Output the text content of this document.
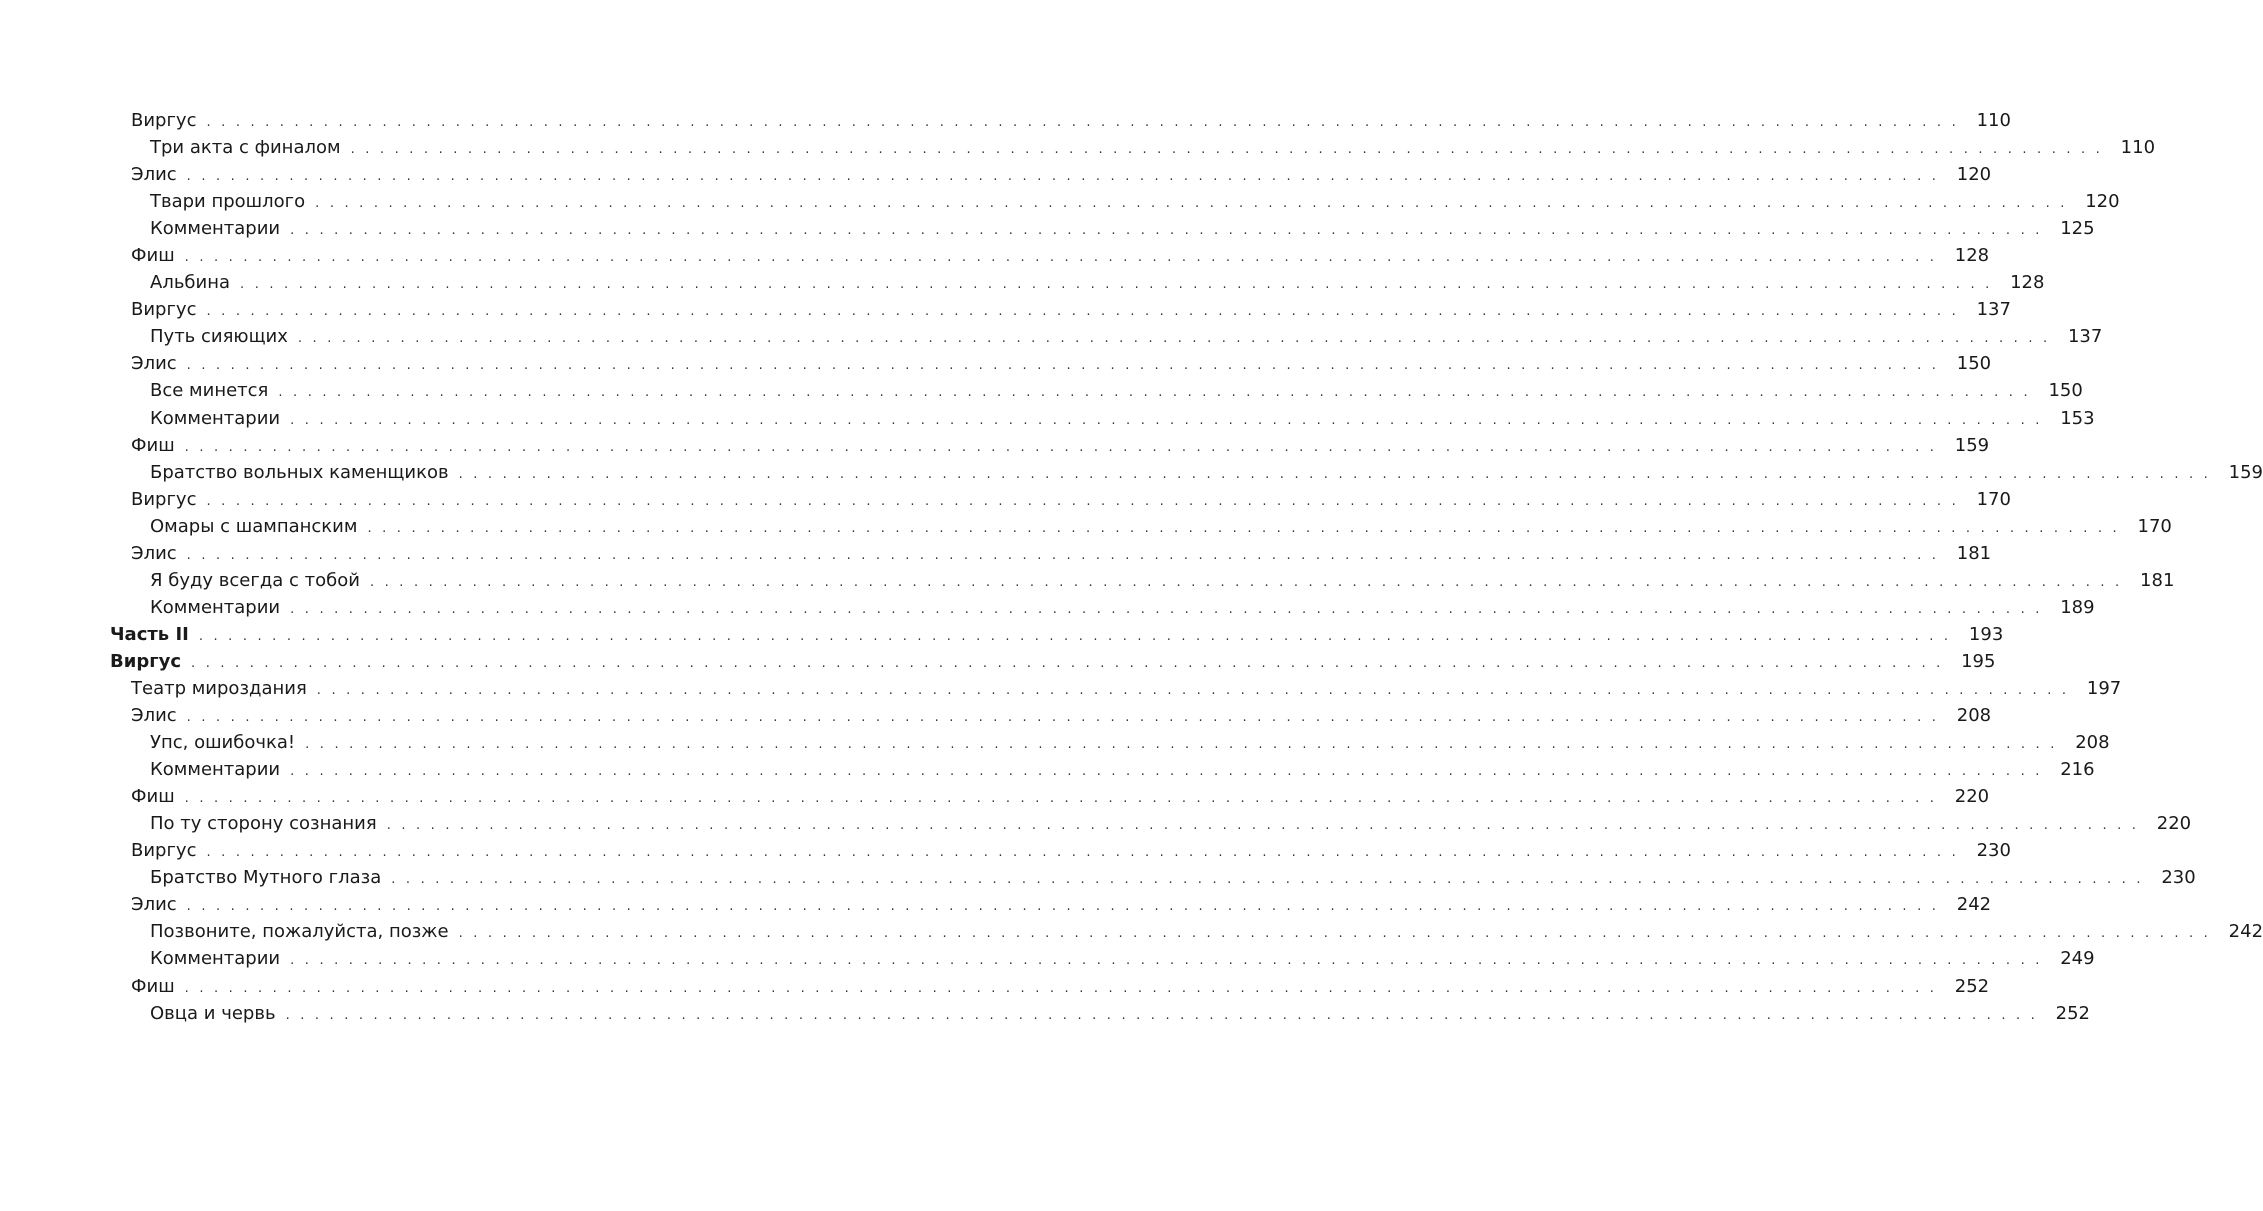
Виргус . . . . . . . . . . . . . . . . . . . . . . . . . . . . . . . . . . . . . . . . . . . . . . . . . . . . . . . . . . . . . . . . . . . . . . . . . . . . . . . . . . . . . . . . . . . . . . . . . . . . . . . . . . . . . . . . . . . . . . . . 110
Три акта с финалом . . . . . . . . . . . . . . . . . . . . . . . . . . . . . . . . . . . . . . . . . . . . . . . . . . . . . . . . . . . . . . . . . . . . . . . . . . . . . . . . . . . . . . . . . . . . . . . . . . . . . . . . . . . . . . . . . . . . . . . . 110
Элис . . . . . . . . . . . . . . . . . . . . . . . . . . . . . . . . . . . . . . . . . . . . . . . . . . . . . . . . . . . . . . . . . . . . . . . . . . . . . . . . . . . . . . . . . . . . . . . . . . . . . . . . . . . . . . . . . . . . . . . . 120
Твари прошлого . . . . . . . . . . . . . . . . . . . . . . . . . . . . . . . . . . . . . . . . . . . . . . . . . . . . . . . . . . . . . . . . . . . . . . . . . . . . . . . . . . . . . . . . . . . . . . . . . . . . . . . . . . . . . . . . . . . . . . . . 120
Комментарии . . . . . . . . . . . . . . . . . . . . . . . . . . . . . . . . . . . . . . . . . . . . . . . . . . . . . . . . . . . . . . . . . . . . . . . . . . . . . . . . . . . . . . . . . . . . . . . . . . . . . . . . . . . . . . . . . . . . . . . . 125
Фиш . . . . . . . . . . . . . . . . . . . . . . . . . . . . . . . . . . . . . . . . . . . . . . . . . . . . . . . . . . . . . . . . . . . . . . . . . . . . . . . . . . . . . . . . . . . . . . . . . . . . . . . . . . . . . . . . . . . . . . . . 128
Альбина . . . . . . . . . . . . . . . . . . . . . . . . . . . . . . . . . . . . . . . . . . . . . . . . . . . . . . . . . . . . . . . . . . . . . . . . . . . . . . . . . . . . . . . . . . . . . . . . . . . . . . . . . . . . . . . . . . . . . . . . 128
Виргус . . . . . . . . . . . . . . . . . . . . . . . . . . . . . . . . . . . . . . . . . . . . . . . . . . . . . . . . . . . . . . . . . . . . . . . . . . . . . . . . . . . . . . . . . . . . . . . . . . . . . . . . . . . . . . . . . . . . . . . . 137
Путь сияющих . . . . . . . . . . . . . . . . . . . . . . . . . . . . . . . . . . . . . . . . . . . . . . . . . . . . . . . . . . . . . . . . . . . . . . . . . . . . . . . . . . . . . . . . . . . . . . . . . . . . . . . . . . . . . . . . . . . . . . . . 137
Элис . . . . . . . . . . . . . . . . . . . . . . . . . . . . . . . . . . . . . . . . . . . . . . . . . . . . . . . . . . . . . . . . . . . . . . . . . . . . . . . . . . . . . . . . . . . . . . . . . . . . . . . . . . . . . . . . . . . . . . . . 150
Все минется . . . . . . . . . . . . . . . . . . . . . . . . . . . . . . . . . . . . . . . . . . . . . . . . . . . . . . . . . . . . . . . . . . . . . . . . . . . . . . . . . . . . . . . . . . . . . . . . . . . . . . . . . . . . . . . . . . . . . . . . 150
Комментарии . . . . . . . . . . . . . . . . . . . . . . . . . . . . . . . . . . . . . . . . . . . . . . . . . . . . . . . . . . . . . . . . . . . . . . . . . . . . . . . . . . . . . . . . . . . . . . . . . . . . . . . . . . . . . . . . . . . . . . . . 153
Фиш . . . . . . . . . . . . . . . . . . . . . . . . . . . . . . . . . . . . . . . . . . . . . . . . . . . . . . . . . . . . . . . . . . . . . . . . . . . . . . . . . . . . . . . . . . . . . . . . . . . . . . . . . . . . . . . . . . . . . . . . 159
Братство вольных каменщиков . . . . . . . . . . . . . . . . . . . . . . . . . . . . . . . . . . . . . . . . . . . . . . . . . . . . . . . . . . . . . . . . . . . . . . . . . . . . . . . . . . . . . . . . . . . . . . . . . . . . . . . . . . . . . . . . . . . . . . . . 159
Виргус . . . . . . . . . . . . . . . . . . . . . . . . . . . . . . . . . . . . . . . . . . . . . . . . . . . . . . . . . . . . . . . . . . . . . . . . . . . . . . . . . . . . . . . . . . . . . . . . . . . . . . . . . . . . . . . . . . . . . . . . 170
Омары с шампанским . . . . . . . . . . . . . . . . . . . . . . . . . . . . . . . . . . . . . . . . . . . . . . . . . . . . . . . . . . . . . . . . . . . . . . . . . . . . . . . . . . . . . . . . . . . . . . . . . . . . . . . . . . . . . . . . . . . . . . . . 170
Элис . . . . . . . . . . . . . . . . . . . . . . . . . . . . . . . . . . . . . . . . . . . . . . . . . . . . . . . . . . . . . . . . . . . . . . . . . . . . . . . . . . . . . . . . . . . . . . . . . . . . . . . . . . . . . . . . . . . . . . . . 181
Я буду всегда с тобой . . . . . . . . . . . . . . . . . . . . . . . . . . . . . . . . . . . . . . . . . . . . . . . . . . . . . . . . . . . . . . . . . . . . . . . . . . . . . . . . . . . . . . . . . . . . . . . . . . . . . . . . . . . . . . . . . . . . . . . . 181
Комментарии . . . . . . . . . . . . . . . . . . . . . . . . . . . . . . . . . . . . . . . . . . . . . . . . . . . . . . . . . . . . . . . . . . . . . . . . . . . . . . . . . . . . . . . . . . . . . . . . . . . . . . . . . . . . . . . . . . . . . . . . 189
Часть II . . . . . . . . . . . . . . . . . . . . . . . . . . . . . . . . . . . . . . . . . . . . . . . . . . . . . . . . . . . . . . . . . . . . . . . . . . . . . . . . . . . . . . . . . . . . . . . . . . . . . . . . . . . . . . . . . . . . . . . . 193
Виргус . . . . . . . . . . . . . . . . . . . . . . . . . . . . . . . . . . . . . . . . . . . . . . . . . . . . . . . . . . . . . . . . . . . . . . . . . . . . . . . . . . . . . . . . . . . . . . . . . . . . . . . . . . . . . . . . . . . . . . . . 195
Театр мироздания . . . . . . . . . . . . . . . . . . . . . . . . . . . . . . . . . . . . . . . . . . . . . . . . . . . . . . . . . . . . . . . . . . . . . . . . . . . . . . . . . . . . . . . . . . . . . . . . . . . . . . . . . . . . . . . . . . . . . . . . 197
Элис . . . . . . . . . . . . . . . . . . . . . . . . . . . . . . . . . . . . . . . . . . . . . . . . . . . . . . . . . . . . . . . . . . . . . . . . . . . . . . . . . . . . . . . . . . . . . . . . . . . . . . . . . . . . . . . . . . . . . . . . 208
Упс, ошибочка! . . . . . . . . . . . . . . . . . . . . . . . . . . . . . . . . . . . . . . . . . . . . . . . . . . . . . . . . . . . . . . . . . . . . . . . . . . . . . . . . . . . . . . . . . . . . . . . . . . . . . . . . . . . . . . . . . . . . . . . . 208
Комментарии . . . . . . . . . . . . . . . . . . . . . . . . . . . . . . . . . . . . . . . . . . . . . . . . . . . . . . . . . . . . . . . . . . . . . . . . . . . . . . . . . . . . . . . . . . . . . . . . . . . . . . . . . . . . . . . . . . . . . . . . 216
Фиш . . . . . . . . . . . . . . . . . . . . . . . . . . . . . . . . . . . . . . . . . . . . . . . . . . . . . . . . . . . . . . . . . . . . . . . . . . . . . . . . . . . . . . . . . . . . . . . . . . . . . . . . . . . . . . . . . . . . . . . . 220
По ту сторону сознания . . . . . . . . . . . . . . . . . . . . . . . . . . . . . . . . . . . . . . . . . . . . . . . . . . . . . . . . . . . . . . . . . . . . . . . . . . . . . . . . . . . . . . . . . . . . . . . . . . . . . . . . . . . . . . . . . . . . . . . . 220
Виргус . . . . . . . . . . . . . . . . . . . . . . . . . . . . . . . . . . . . . . . . . . . . . . . . . . . . . . . . . . . . . . . . . . . . . . . . . . . . . . . . . . . . . . . . . . . . . . . . . . . . . . . . . . . . . . . . . . . . . . . . 230
Братство Мутного глаза . . . . . . . . . . . . . . . . . . . . . . . . . . . . . . . . . . . . . . . . . . . . . . . . . . . . . . . . . . . . . . . . . . . . . . . . . . . . . . . . . . . . . . . . . . . . . . . . . . . . . . . . . . . . . . . . . . . . . . . . 230
Элис . . . . . . . . . . . . . . . . . . . . . . . . . . . . . . . . . . . . . . . . . . . . . . . . . . . . . . . . . . . . . . . . . . . . . . . . . . . . . . . . . . . . . . . . . . . . . . . . . . . . . . . . . . . . . . . . . . . . . . . . 242
Позвоните, пожалуйста, позже . . . . . . . . . . . . . . . . . . . . . . . . . . . . . . . . . . . . . . . . . . . . . . . . . . . . . . . . . . . . . . . . . . . . . . . . . . . . . . . . . . . . . . . . . . . . . . . . . . . . . . . . . . . . . . . . . . . . . . . . 242
Комментарии . . . . . . . . . . . . . . . . . . . . . . . . . . . . . . . . . . . . . . . . . . . . . . . . . . . . . . . . . . . . . . . . . . . . . . . . . . . . . . . . . . . . . . . . . . . . . . . . . . . . . . . . . . . . . . . . . . . . . . . . 249
Фиш . . . . . . . . . . . . . . . . . . . . . . . . . . . . . . . . . . . . . . . . . . . . . . . . . . . . . . . . . . . . . . . . . . . . . . . . . . . . . . . . . . . . . . . . . . . . . . . . . . . . . . . . . . . . . . . . . . . . . . . . 252
Овца и червь . . . . . . . . . . . . . . . . . . . . . . . . . . . . . . . . . . . . . . . . . . . . . . . . . . . . . . . . . . . . . . . . . . . . . . . . . . . . . . . . . . . . . . . . . . . . . . . . . . . . . . . . . . . . . . . . . . . . . . . . 252
